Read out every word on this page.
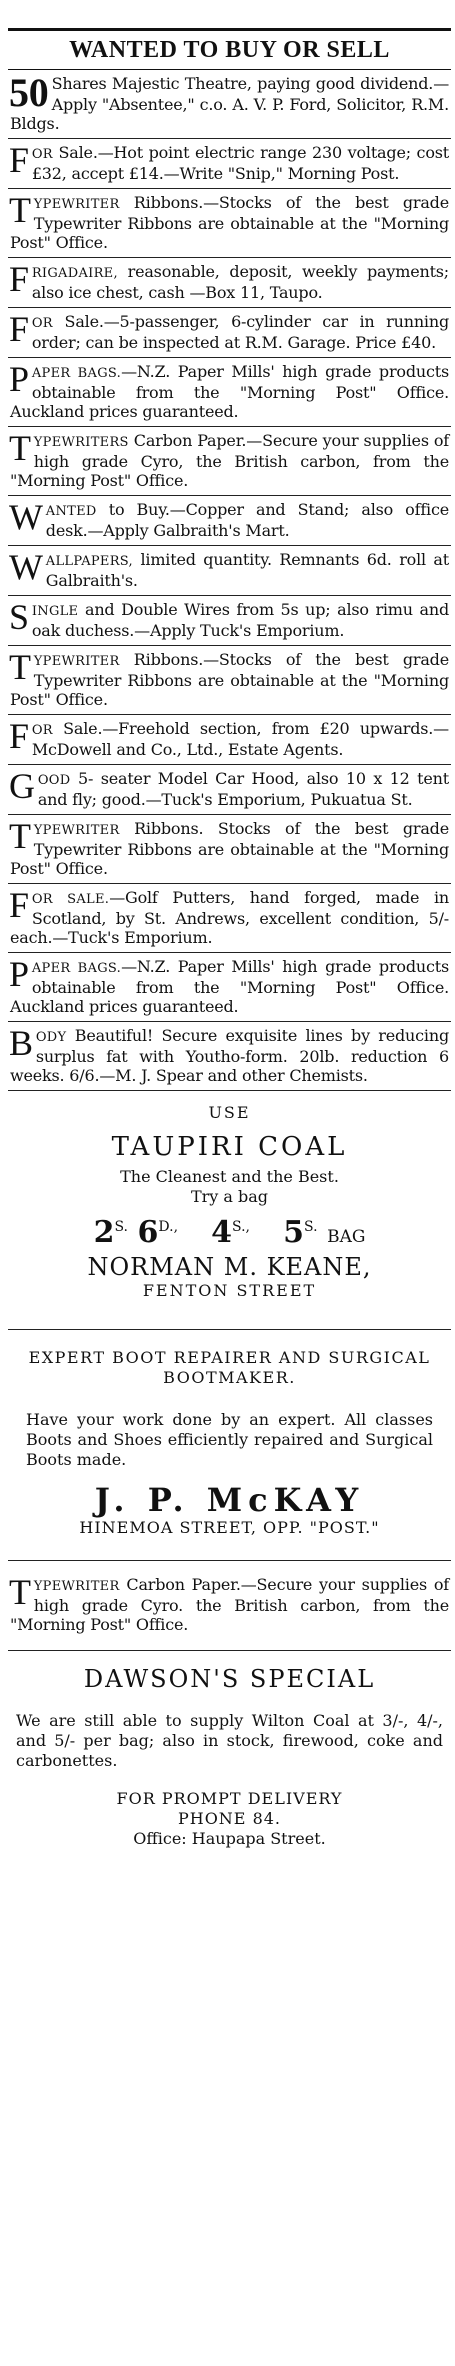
WANTED TO BUY OR SELL
50 Shares Majestic Theatre, paying good dividend.—Apply "Absentee," c.o. A. V. P. Ford, Solicitor, R.M. Bldgs.
FOR Sale.—Hot point electric range 230 voltage; cost £32, accept £14.—Write "Snip," Morning Post.
TYPEWRITER Ribbons.—Stocks of the best grade Typewriter Ribbons are obtainable at the "Morning Post" Office.
FRIGADAIRE, reasonable, deposit, weekly payments; also ice chest, cash —Box 11, Taupo.
FOR Sale.—5-passenger, 6-cylinder car in running order; can be inspected at R.M. Garage. Price £40.
PAPER BAGS.—N.Z. Paper Mills' high grade products obtainable from the "Morning Post" Office. Auckland prices guaranteed.
TYPEWRITERS Carbon Paper.—Secure your supplies of high grade Cyro, the British carbon, from the "Morning Post" Office.
WANTED to Buy.—Copper and Stand; also office desk.—Apply Galbraith's Mart.
WALLPAPERS, limited quantity. Remnants 6d. roll at Galbraith's.
SINGLE and Double Wires from 5s up; also rimu and oak duchess.—Apply Tuck's Emporium.
TYPEWRITER Ribbons.—Stocks of the best grade Typewriter Ribbons are obtainable at the "Morning Post" Office.
FOR Sale.—Freehold section, from £20 upwards.—McDowell and Co., Ltd., Estate Agents.
GOOD 5- seater Model Car Hood, also 10 x 12 tent and fly; good.—Tuck's Emporium, Pukuatua St.
TYPEWRITER Ribbons. Stocks of the best grade Typewriter Ribbons are obtainable at the "Morning Post" Office.
FOR SALE.—Golf Putters, hand forged, made in Scotland, by St. Andrews, excellent condition, 5/- each.—Tuck's Emporium.
PAPER BAGS.—N.Z. Paper Mills' high grade products obtainable from the "Morning Post" Office. Auckland prices guaranteed.
BODY Beautiful! Secure exquisite lines by reducing surplus fat with Youtho-form. 20lb. reduction 6 weeks. 6/6.—M. J. Spear and other Chemists.
USE
TAUPIRI COAL
The Cleanest and the Best.
Try a bag
$2^{S.}$ $6^{D.,}$ $4^{S.,}$ $5^{S.}$ BAG
NORMAN M. KEANE,
FENTON STREET
EXPERT BOOT REPAIRER AND SURGICAL BOOTMAKER.
Have your work done by an expert. All classes Boots and Shoes efficiently repaired and Surgical Boots made.
J. P. McKAY
HINEMOA STREET, OPP. "POST."
TYPEWRITER Carbon Paper.—Secure your supplies of high grade Cyro. the British carbon, from the "Morning Post" Office.
DAWSON'S SPECIAL
We are still able to supply Wilton Coal at 3/-, 4/-, and 5/- per bag; also in stock, firewood, coke and carbonettes.
FOR PROMPT DELIVERY
PHONE 84.
Office: Haupapa Street.
